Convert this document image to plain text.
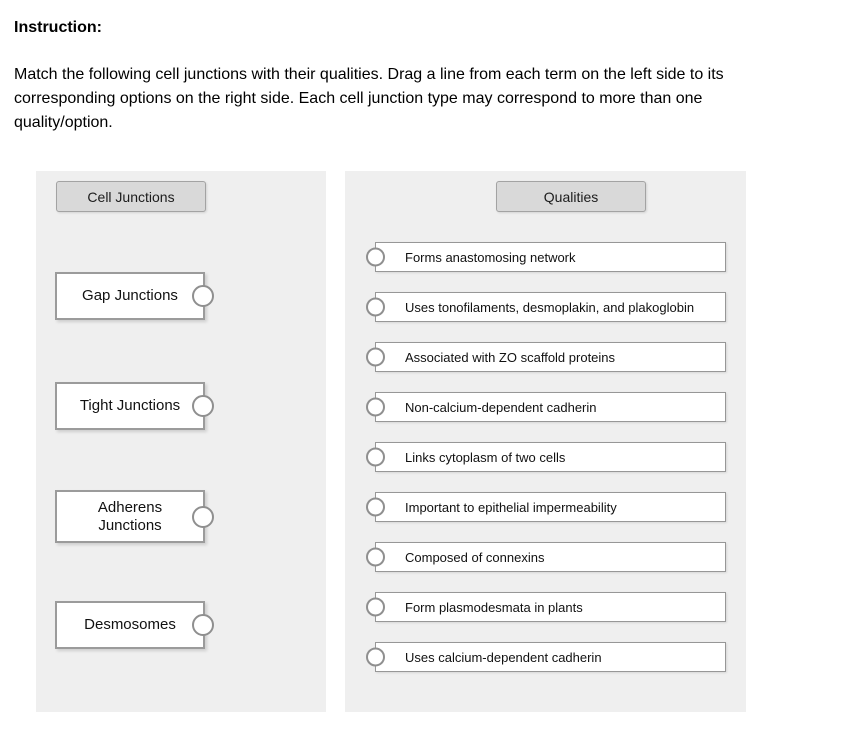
Instruction:
Match the following cell junctions with their qualities. Drag a line from each term on the left side to its corresponding options on the right side. Each cell junction type may correspond to more than one quality/option.
Cell Junctions
Gap Junctions
Tight Junctions
Adherens Junctions
Desmosomes
Qualities
Forms anastomosing network
Uses tonofilaments, desmoplakin, and plakoglobin
Associated with ZO scaffold proteins
Non-calcium-dependent cadherin
Links cytoplasm of two cells
Important to epithelial impermeability
Composed of connexins
Form plasmodesmata in plants
Uses calcium-dependent cadherin
